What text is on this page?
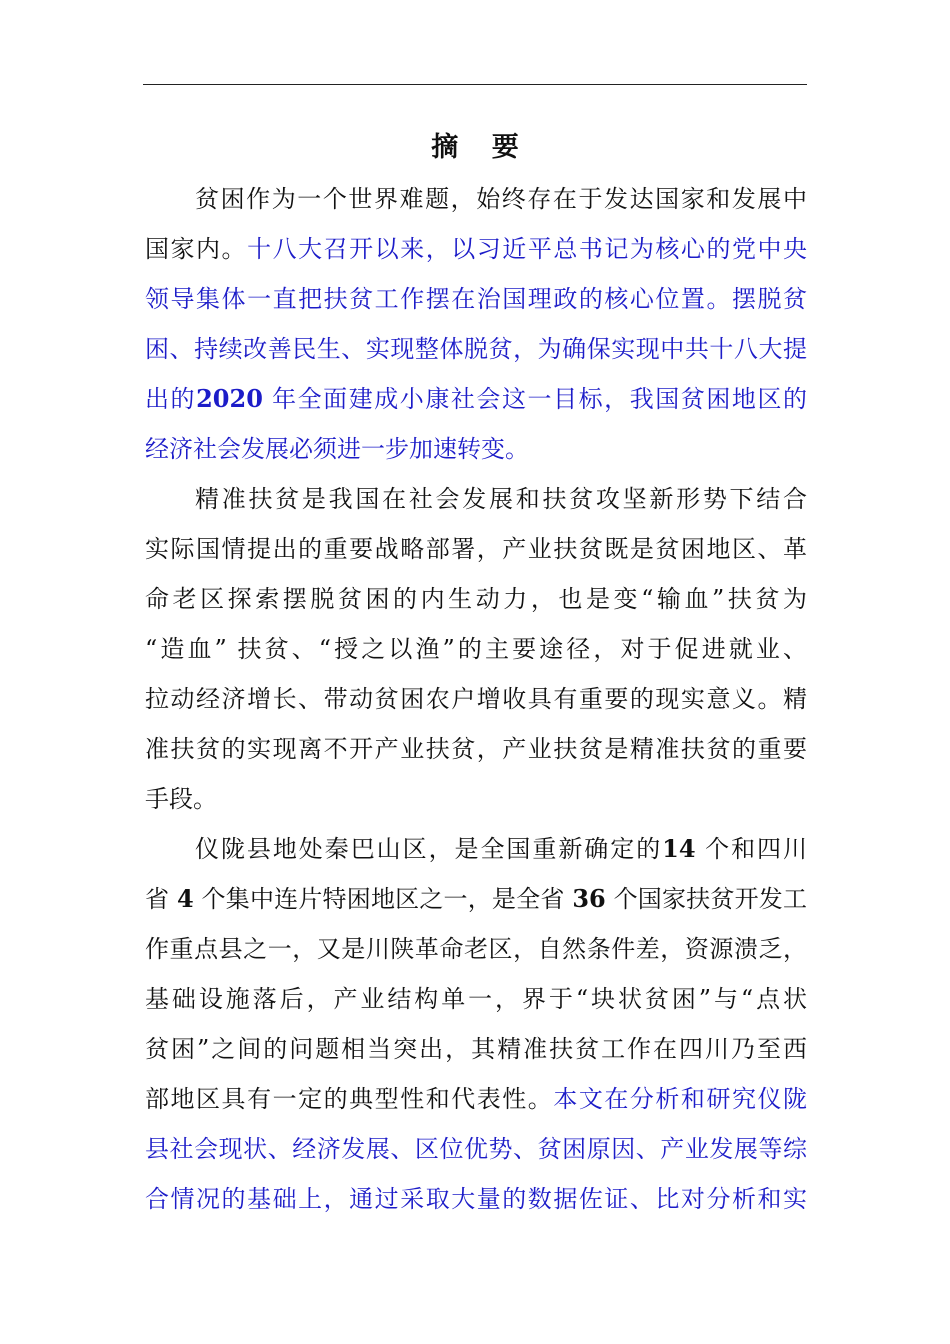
摘 要
贫困作为一个世界难题，始终存在于发达国家和发展中
国家内。十八大召开以来，以习近平总书记为核心的党中央
领导集体一直把扶贫工作摆在治国理政的核心位置。摆脱贫
困、持续改善民生、实现整体脱贫，为确保实现中共十八大提
出的2020 年全面建成小康社会这一目标，我国贫困地区的
经济社会发展必须进一步加速转变。
精准扶贫是我国在社会发展和扶贫攻坚新形势下结合
实际国情提出的重要战略部署，产业扶贫既是贫困地区、革
命老区探索摆脱贫困的内生动力，也是变“输血”扶贫为
“造血” 扶贫、“授之以渔”的主要途径，对于促进就业、
拉动经济增长、带动贫困农户增收具有重要的现实意义。精
准扶贫的实现离不开产业扶贫，产业扶贫是精准扶贫的重要
手段。
仪陇县地处秦巴山区，是全国重新确定的14 个和四川
省 4 个集中连片特困地区之一，是全省 36 个国家扶贫开发工
作重点县之一，又是川陕革命老区，自然条件差，资源溃乏，
基础设施落后，产业结构单一，界于“块状贫困”与“点状
贫困”之间的问题相当突出，其精准扶贫工作在四川乃至西
部地区具有一定的典型性和代表性。本文在分析和研究仪陇
县社会现状、经济发展、区位优势、贫困原因、产业发展等综
合情况的基础上，通过采取大量的数据佐证、比对分析和实
